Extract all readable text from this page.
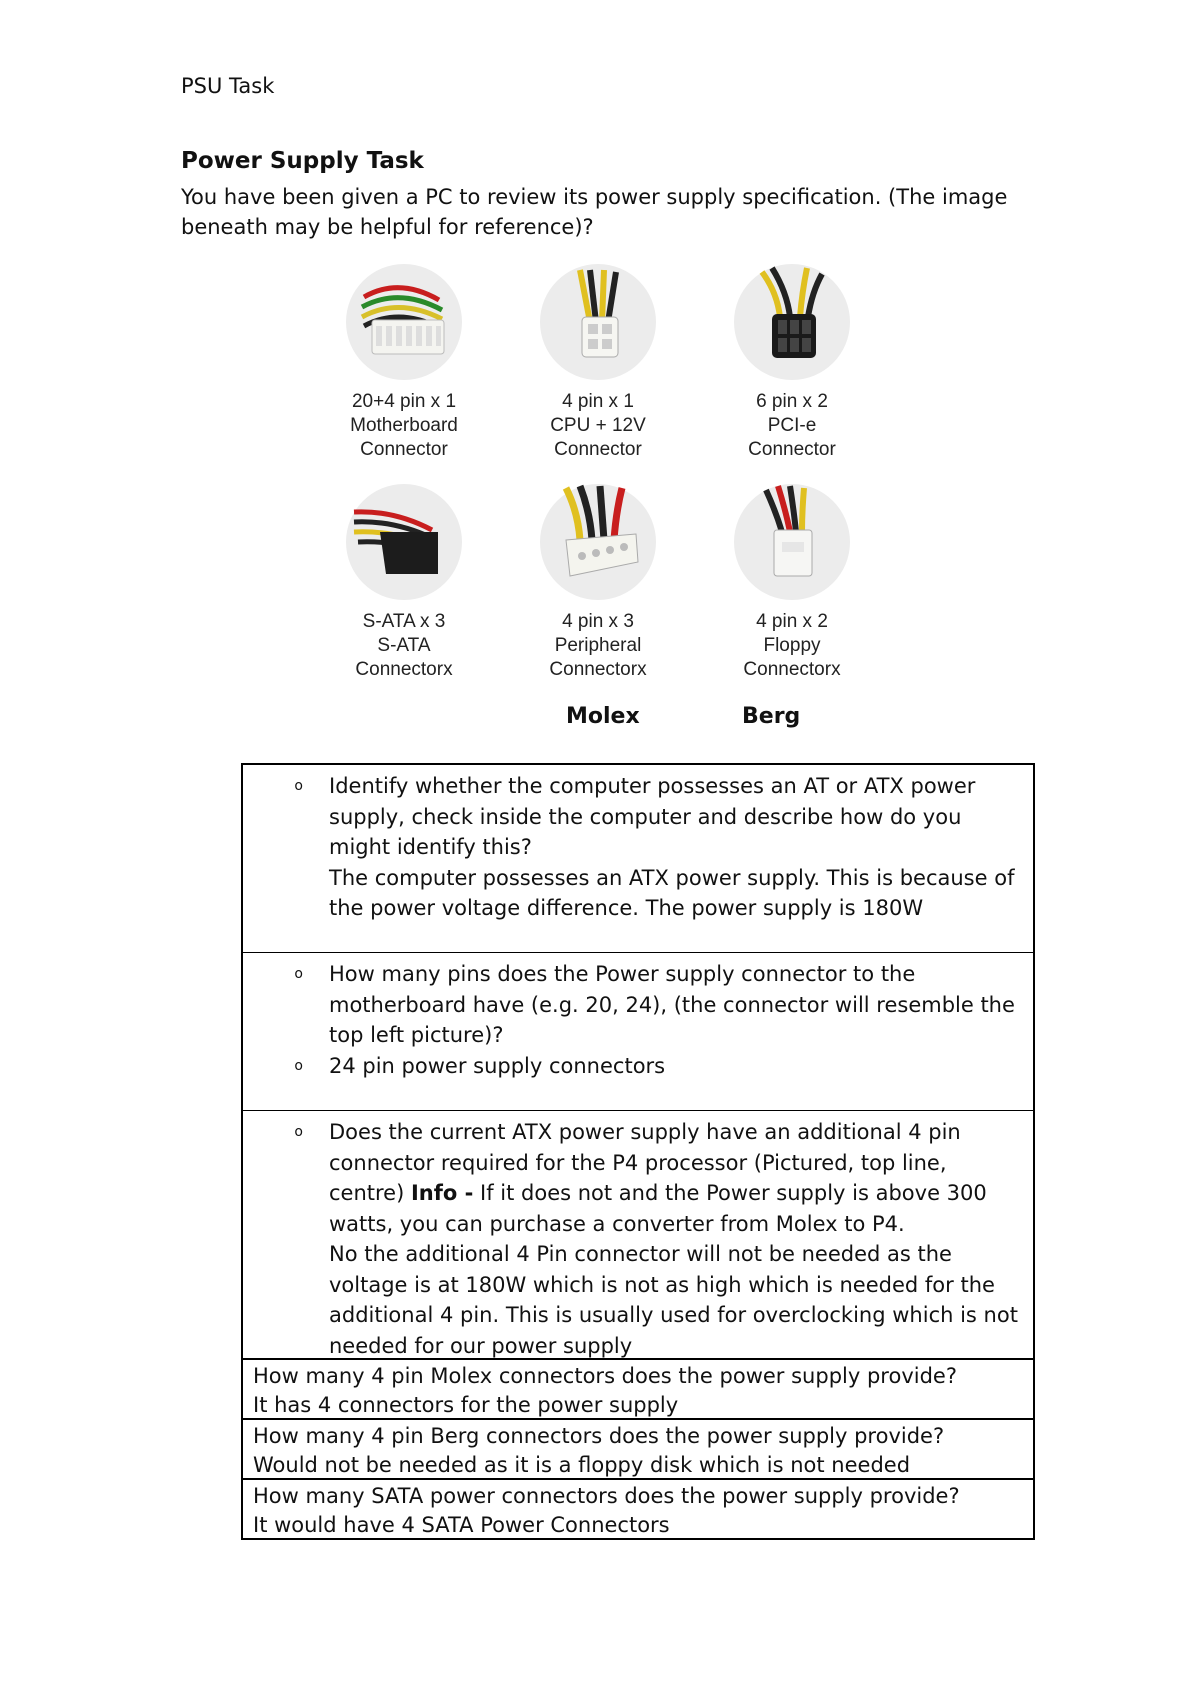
PSU Task
Power Supply Task
You have been given a PC to review its power supply specification. (The image beneath may be helpful for reference)?
20+4 pin x 1
Motherboard
Connector
4 pin x 1
CPU + 12V
Connector
6 pin x 2
PCI-e
Connector
S-ATA x 3
S-ATA
Connectorx
4 pin x 3
Peripheral
Connectorx
4 pin x 2
Floppy
Connectorx
Molex	Berg
o	Identify whether the computer possesses an AT or ATX power supply, check inside the computer and describe how do you might identify this?
The computer possesses an ATX power supply. This is because of the power voltage difference. The power supply is 180W
o	How many pins does the Power supply connector to the motherboard have (e.g. 20, 24), (the connector will resemble the top left picture)?
o	24 pin power supply connectors
o	Does the current ATX power supply have an additional 4 pin connector required for the P4 processor (Pictured, top line, centre) Info - If it does not and the Power supply is above 300 watts, you can purchase a converter from Molex to P4.
No the additional 4 Pin connector will not be needed as the voltage is at 180W which is not as high which is needed for the additional 4 pin. This is usually used for overclocking which is not needed for our power supply
How many 4 pin Molex connectors does the power supply provide?
It has 4 connectors for the power supply
How many 4 pin Berg connectors does the power supply provide?
Would not be needed as it is a floppy disk which is not needed
How many SATA power connectors does the power supply provide?
It would have 4 SATA Power Connectors
